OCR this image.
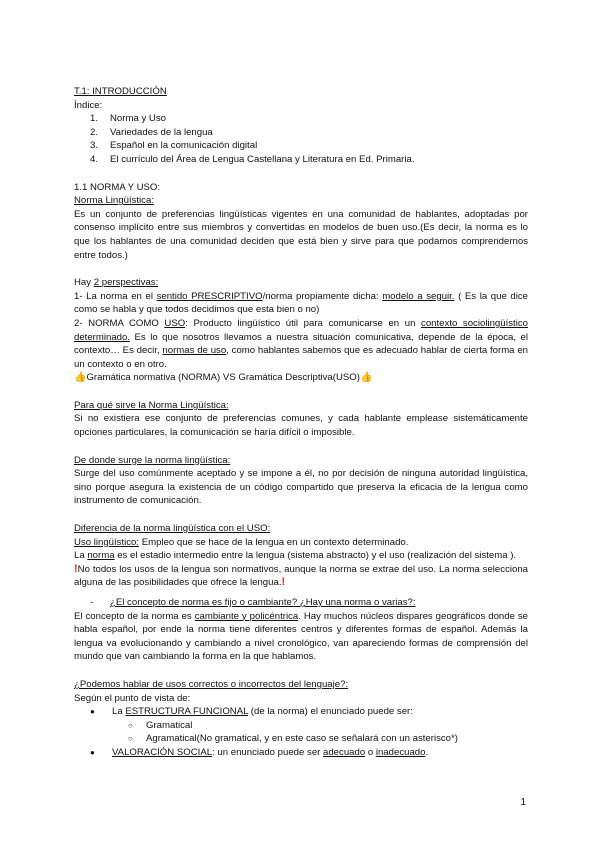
T.1: INTRODUCCIÓN

Índice:

1.	Norma y Uso
2.	Variedades de la lengua
3.	Español en la comunicación digital
4.	El currículo del Área de Lengua Castellana y Literatura en Ed. Primaria.

1.1 NORMA Y USO:

Norma Lingüística:

Es un conjunto de preferencias lingüísticas vigentes en una comunidad de hablantes, adoptadas por consenso implícito entre sus miembros y convertidas en modelos de buen uso.(Es decir, la norma es lo que los hablantes de una comunidad deciden que está bien y sirve para que podamos comprendernos entre todos.)

Hay 2 perspectivas:

1- La norma en el sentido PRESCRIPTIVO/norma propiamente dicha: modelo a seguir. ( Es la que dice como se habla y que todos decidimos que esta bien o no)

2- NORMA COMO USO: Producto lingüístico útil para comunicarse en un contexto sociolingüístico determinado. Es lo que nosotros llevamos a nuestra situación comunicativa, depende de la época, el contexto… Es decir, normas de uso, como hablantes sabemos que es adecuado hablar de cierta forma en un contexto o en otro.

👍Gramática normativa (NORMA) VS Gramática Descriptiva(USO)👍

Para qué sirve la Norma Lingüística:

Si no existiera ese conjunto de preferencias comunes, y cada hablante emplease sistemáticamente opciones particulares, la comunicación se haría difícil o imposible.

De donde surge la norma lingüística:

Surge del uso comúnmente aceptado y se impone a él, no por decisión de ninguna autoridad lingüística, sino porque asegura la existencia de un código compartido que preserva la eficacia de la lengua como instrumento de comunicación.

Diferencia de la norma lingüística con el USO:

Uso lingüístico: Empleo que se hace de la lengua en un contexto determinado.

La norma es el estadio intermedio entre la lengua (sistema abstracto) y el uso (realización del sistema ).

!No todos los usos de la lengua son normativos, aunque la norma se extrae del uso. La norma selecciona alguna de las posibilidades que ofrece la lengua.!

-	¿El concepto de norma es fijo o cambiante? ¿Hay una norma o varias?:

El concepto de la norma es cambiante y policéntrica. Hay muchos núcleos dispares geográficos donde se habla español, por ende la norma tiene diferentes centros y diferentes formas de español. Además la lengua va evolucionando y cambiando a nivel cronológico, van apareciendo formas de comprensión del mundo que van cambiando la forma en la que hablamos.

¿Podemos hablar de usos correctos o incorrectos del lenguaje?:

Según el punto de vista de:

●	La ESTRUCTURA FUNCIONAL (de la norma) el enunciado puede ser:
○	Gramatical
○	Agramatical(No gramatical, y en este caso se señalará con un asterisco*)
●	VALORACIÓN SOCIAL: un enunciado puede ser adecuado o inadecuado.
1
